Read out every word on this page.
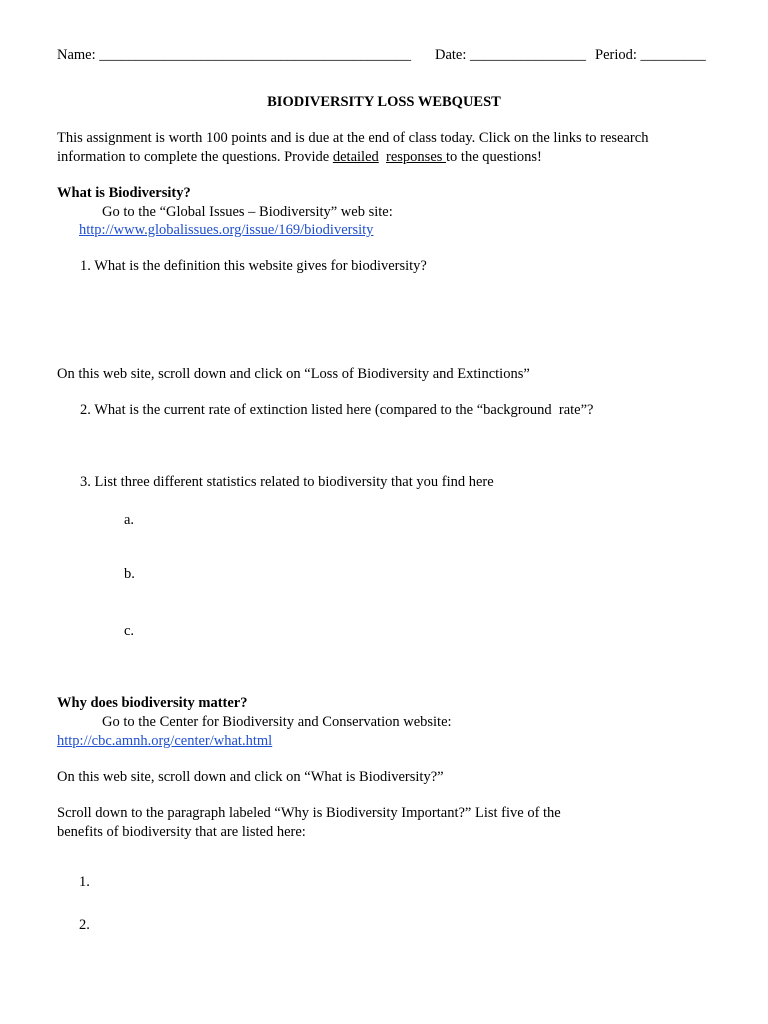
Name: ___________________________________________ Date: ________________ Period: _________
BIODIVERSITY LOSS WEBQUEST
This assignment is worth 100 points and is due at the end of class today. Click on the links to research
information to complete the questions. Provide detailed responses to the questions!
What is Biodiversity?
Go to the “Global Issues – Biodiversity” web site:
http://www.globalissues.org/issue/169/biodiversity
1. What is the definition this website gives for biodiversity?
On this web site, scroll down and click on “Loss of Biodiversity and Extinctions”
2. What is the current rate of extinction listed here (compared to the “background  rate”?
3. List three different statistics related to biodiversity that you find here
a.
b.
c.
Why does biodiversity matter?
Go to the Center for Biodiversity and Conservation website:
http://cbc.amnh.org/center/what.html
On this web site, scroll down and click on “What is Biodiversity?”
Scroll down to the paragraph labeled “Why is Biodiversity Important?” List five of the
benefits of biodiversity that are listed here:
1.
2.
